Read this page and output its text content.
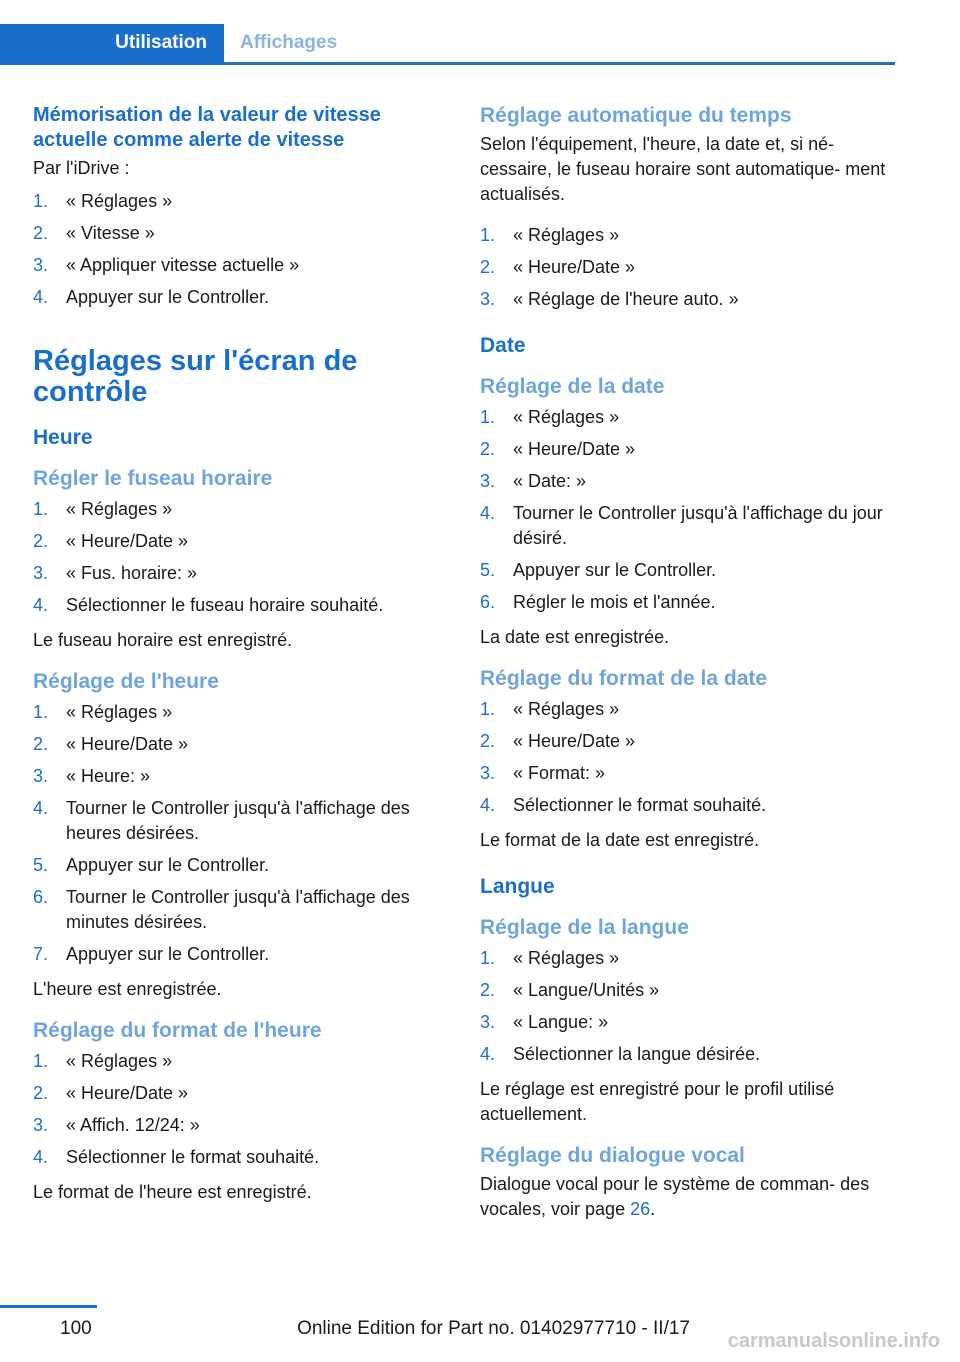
Utilisation	Affichages
Mémorisation de la valeur de vitesse actuelle comme alerte de vitesse
Par l'iDrive :
1. « Réglages »
2. « Vitesse »
3. « Appliquer vitesse actuelle »
4. Appuyer sur le Controller.
Réglages sur l'écran de contrôle
Heure
Régler le fuseau horaire
1. « Réglages »
2. « Heure/Date »
3. « Fus. horaire: »
4. Sélectionner le fuseau horaire souhaité.
Le fuseau horaire est enregistré.
Réglage de l'heure
1. « Réglages »
2. « Heure/Date »
3. « Heure: »
4. Tourner le Controller jusqu'à l'affichage des heures désirées.
5. Appuyer sur le Controller.
6. Tourner le Controller jusqu'à l'affichage des minutes désirées.
7. Appuyer sur le Controller.
L'heure est enregistrée.
Réglage du format de l'heure
1. « Réglages »
2. « Heure/Date »
3. « Affich. 12/24: »
4. Sélectionner le format souhaité.
Le format de l'heure est enregistré.
Réglage automatique du temps
Selon l'équipement, l'heure, la date et, si né- cessaire, le fuseau horaire sont automatique- ment actualisés.
1. « Réglages »
2. « Heure/Date »
3. « Réglage de l'heure auto. »
Date
Réglage de la date
1. « Réglages »
2. « Heure/Date »
3. « Date: »
4. Tourner le Controller jusqu'à l'affichage du jour désiré.
5. Appuyer sur le Controller.
6. Régler le mois et l'année.
La date est enregistrée.
Réglage du format de la date
1. « Réglages »
2. « Heure/Date »
3. « Format: »
4. Sélectionner le format souhaité.
Le format de la date est enregistré.
Langue
Réglage de la langue
1. « Réglages »
2. « Langue/Unités »
3. « Langue: »
4. Sélectionner la langue désirée.
Le réglage est enregistré pour le profil utilisé actuellement.
Réglage du dialogue vocal
Dialogue vocal pour le système de comman- des vocales, voir page 26.
100	Online Edition for Part no. 01402977710 - II/17
carmanualsonline.info
